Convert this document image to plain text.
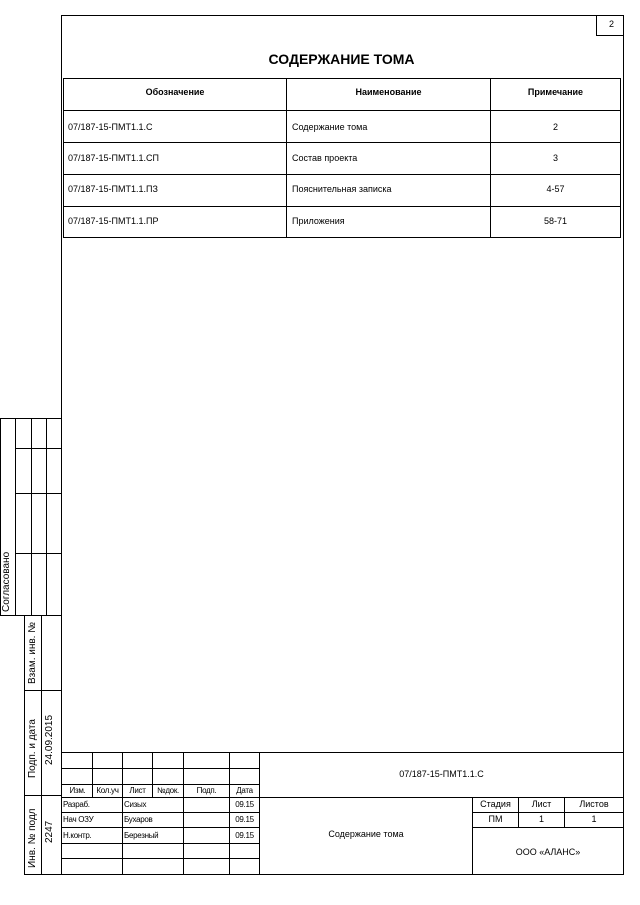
2
СОДЕРЖАНИЕ ТОМА
Обозначение	Наименование	Примечание
07/187-15-ПМТ1.1.С	Содержание тома	2
07/187-15-ПМТ1.1.СП	Состав проекта	3
07/187-15-ПМТ1.1.ПЗ	Пояснительная записка	4-57
07/187-15-ПМТ1.1.ПР	Приложения	58-71
Согласовано
Взам. инв. №
Подп. и дата 24.09.2015
Инв. № подл 2247
07/187-15-ПМТ1.1.С
Изм.	Кол.уч	Лист	№док.	Подп.	Дата
Разраб.	Сизых	09.15
Нач ОЗУ	Бухаров	09.15
Н.контр.	Березный	09.15	Содержание тома
Стадия	Лист	Листов
ПМ	1	1
ООО «АЛАНС»
